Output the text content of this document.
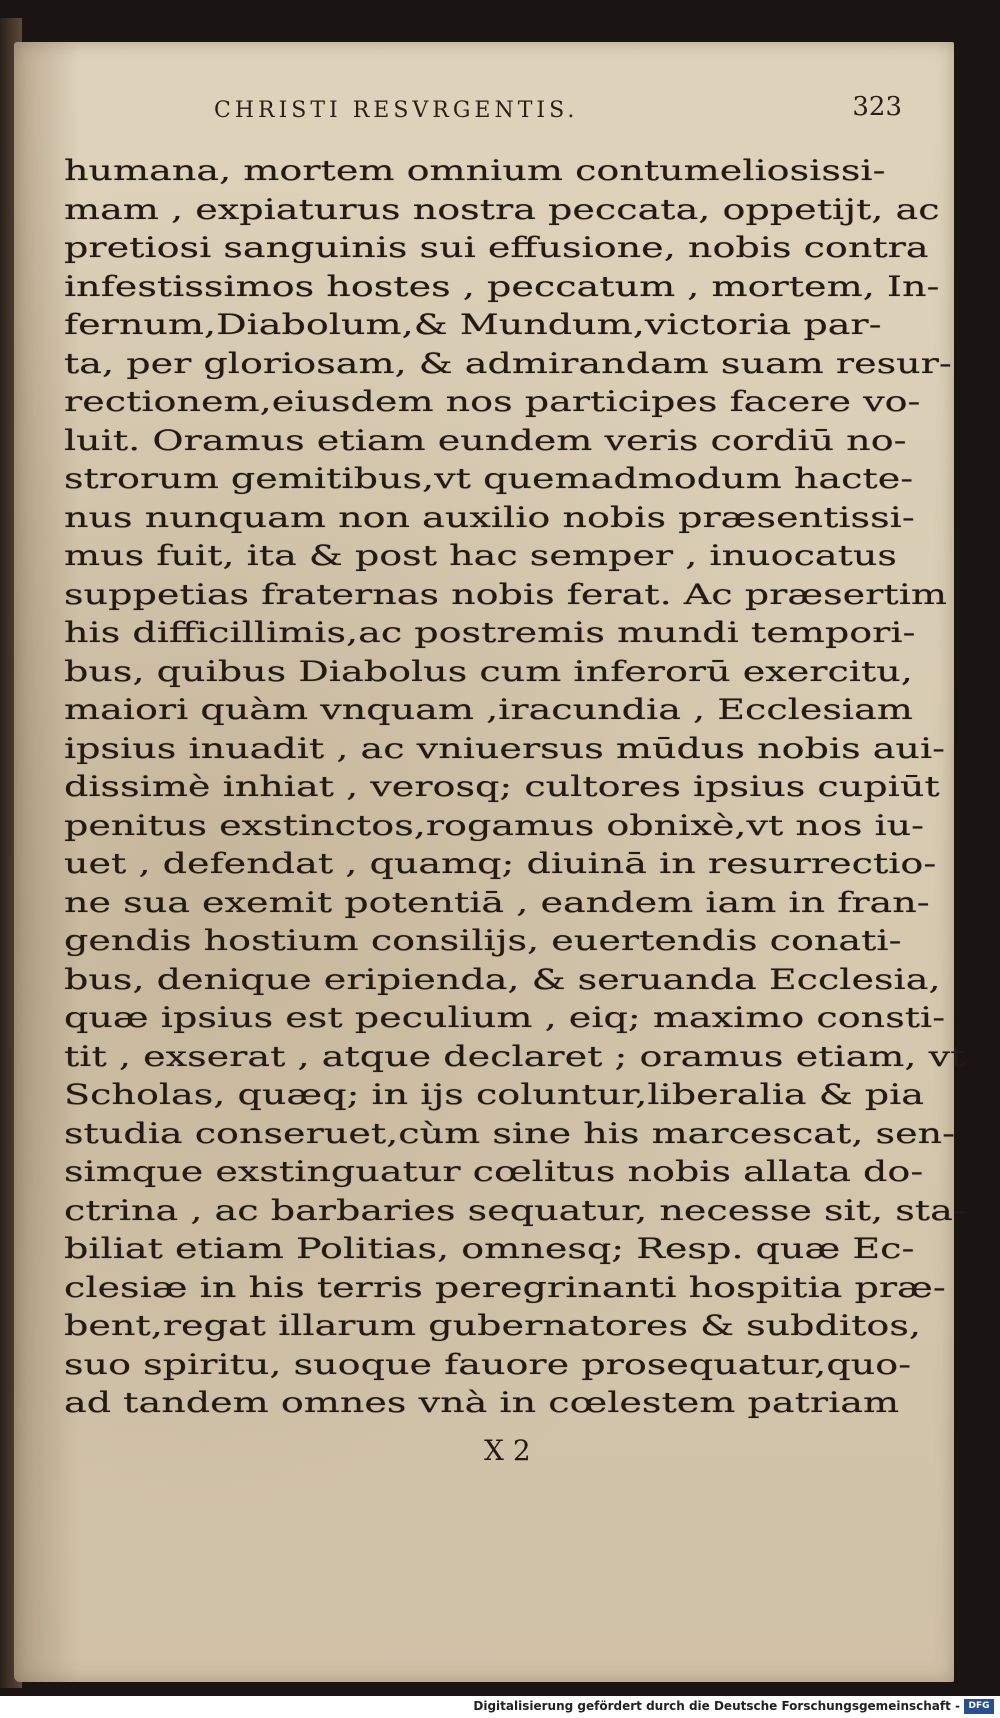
CHRISTI RESVRGENTIS.	323
humana, mortem omnium contumeliosissi-
mam , expiaturus nostra peccata, oppetijt, ac
pretiosi sanguinis sui effusione, nobis contra
infestissimos hostes , peccatum , mortem, In-
fernum,Diabolum,& Mundum,victoria par-
ta, per gloriosam, & admirandam suam resur-
rectionem,eiusdem nos participes facere vo-
luit. Oramus etiam eundem veris cordiū no-
strorum gemitibus,vt quemadmodum hacte-
nus nunquam non auxilio nobis præsentissi-
mus fuit, ita & post hac semper , inuocatus
suppetias fraternas nobis ferat. Ac præsertim
his difficillimis,ac postremis mundi tempori-
bus, quibus Diabolus cum inferorū exercitu,
maiori quàm vnquam ,iracundia , Ecclesiam
ipsius inuadit , ac vniuersus mūdus nobis aui-
dissimè inhiat , verosq; cultores ipsius cupiūt
penitus exstinctos,rogamus obnixè,vt nos iu-
uet , defendat , quamq; diuinā in resurrectio-
ne sua exemit potentiā , eandem iam in fran-
gendis hostium consilijs, euertendis conati-
bus, denique eripienda, & seruanda Ecclesia,
quæ ipsius est peculium , eiq; maximo consti-
tit , exserat , atque declaret ; oramus etiam, vt
Scholas, quæq; in ijs coluntur,liberalia & pia
studia conseruet,cùm sine his marcescat, sen-
simque exstinguatur cœlitus nobis allata do-
ctrina , ac barbaries sequatur, necesse sit, sta-
biliat etiam Politias, omnesq; Resp. quæ Ec-
clesiæ in his terris peregrinanti hospitia præ-
bent,regat illarum gubernatores & subditos,
suo spiritu, suoque fauore prosequatur,quo-
ad tandem omnes vnà in cœlestem patriam
X 2
Digitalisierung gefördert durch die Deutsche Forschungsgemeinschaft - DFG
